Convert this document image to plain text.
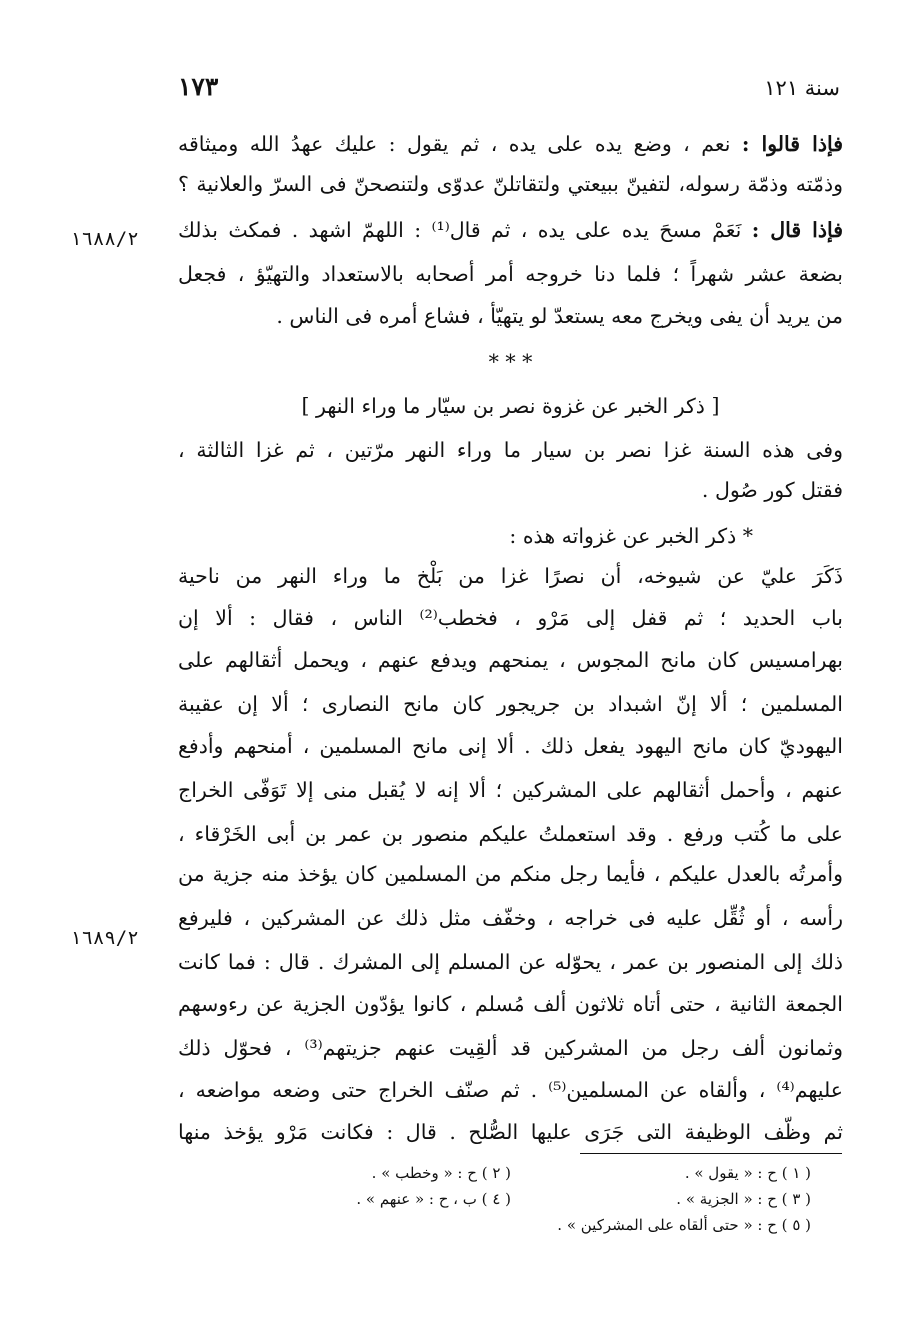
سنة ١٢١
١٧٣
١٦٨٨/٢
١٦٨٩/٢
فإذا قالوا : نعم ، وضع يده على يده ، ثم يقول : عليك عهدُ الله وميثاقه
وذمّته وذمّة رسوله، لتفينّ ببيعتي ولتقاتلنّ عدوّى ولتنصحنّ فى السرّ والعلانية ؟
فإذا قال : نَعَمْ مسحَ يده على يده ، ثم قال⁽¹⁾ : اللهمّ اشهد . فمكث بذلك
بضعة عشر شهراً ؛ فلما دنا خروجه أمر أصحابه بالاستعداد والتهيّؤ ، فجعل
من يريد أن يفى ويخرج معه يستعدّ لو يتهيّأ ، فشاع أمره فى الناس .
* * *
[ ذكر الخبر عن غزوة نصر بن سيّار ما وراء النهر ]
وفى هذه السنة غزا نصر بن سيار ما وراء النهر مرّتين ، ثم غزا الثالثة ،
فقتل كور صُول .
* ذكر الخبر عن غزواته هذه :
ذَكَرَ عليّ عن شيوخه، أن نصرًا غزا من بَلْخ ما وراء النهر من ناحية
باب الحديد ؛ ثم قفل إلى مَرْو ، فخطب⁽²⁾ الناس ، فقال : ألا إن
بهرامسيس كان مانح المجوس ، يمنحهم ويدفع عنهم ، ويحمل أثقالهم على
المسلمين ؛ ألا إنّ اشبداد بن جريجور كان مانح النصارى ؛ ألا إن عقيبة
اليهوديّ كان مانح اليهود يفعل ذلك . ألا إنى مانح المسلمين ، أمنحهم وأدفع
عنهم ، وأحمل أثقالهم على المشركين ؛ ألا إنه لا يُقبل منى إلا تَوَفّى الخراج
على ما كُتب ورفع . وقد استعملتُ عليكم منصور بن عمر بن أبى الخَرْقاء ،
وأمرتُه بالعدل عليكم ، فأيما رجل منكم من المسلمين كان يؤخذ منه جزية من
رأسه ، أو ثُقِّل عليه فى خراجه ، وخفّف مثل ذلك عن المشركين ، فليرفع
ذلك إلى المنصور بن عمر ، يحوّله عن المسلم إلى المشرك . قال : فما كانت
الجمعة الثانية ، حتى أتاه ثلاثون ألف مُسلم ، كانوا يؤدّون الجزية عن رءوسهم
وثمانون ألف رجل من المشركين قد ألقِيت عنهم جزيتهم⁽³⁾ ، فحوّل ذلك
عليهم⁽⁴⁾ ، وألقاه عن المسلمين⁽⁵⁾ . ثم صنّف الخراج حتى وضعه مواضعه ،
ثم وظّف الوظيفة التى جَرَى عليها الصُّلح . قال : فكانت مَرْو يؤخذ منها
( ١ ) ح : « يقول » .
( ٢ ) ح : « وخطب » .
( ٣ ) ح : « الجزية » .
( ٤ ) ب ، ح : « عنهم » .
( ٥ ) ح : « حتى ألقاه على المشركين » .
